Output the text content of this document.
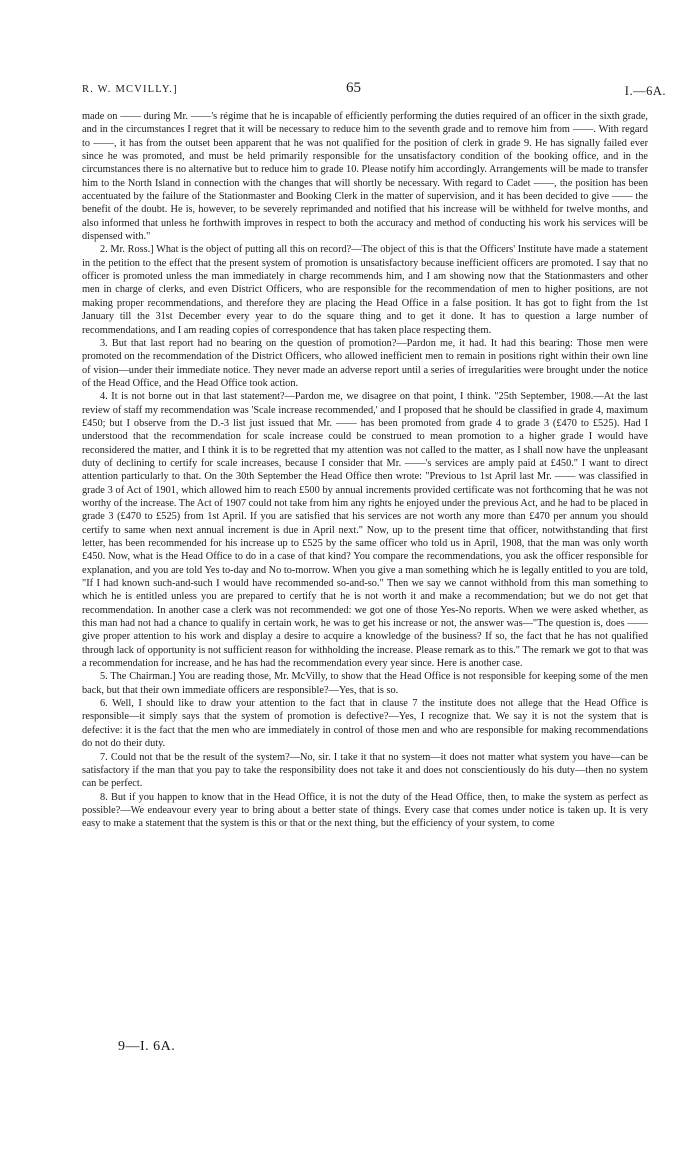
R. W. MCVILLY.]	65	I.—6A.

made on —— during Mr. ——'s régime that he is incapable of efficiently performing the duties required of an officer in the sixth grade, and in the circumstances I regret that it will be necessary to reduce him to the seventh grade and to remove him from ——. With regard to ——, it has from the outset been apparent that he was not qualified for the position of clerk in grade 9. He has signally failed ever since he was promoted, and must be held primarily responsible for the unsatisfactory condition of the booking office, and in the circumstances there is no alternative but to reduce him to grade 10. Please notify him accordingly. Arrangements will be made to transfer him to the North Island in connection with the changes that will shortly be necessary. With regard to Cadet ——, the position has been accentuated by the failure of the Stationmaster and Booking Clerk in the matter of supervision, and it has been decided to give —— the benefit of the doubt. He is, however, to be severely reprimanded and notified that his increase will be withheld for twelve months, and also informed that unless he forthwith improves in respect to both the accuracy and method of conducting his work his services will be dispensed with."

2. Mr. Ross.] What is the object of putting all this on record?—The object of this is that the Officers' Institute have made a statement in the petition to the effect that the present system of promotion is unsatisfactory because inefficient officers are promoted. I say that no officer is promoted unless the man immediately in charge recommends him, and I am showing now that the Stationmasters and other men in charge of clerks, and even District Officers, who are responsible for the recommendation of men to higher positions, are not making proper recommendations, and therefore they are placing the Head Office in a false position. It has got to fight from the 1st January till the 31st December every year to do the square thing and to get it done. It has to question a large number of recommendations, and I am reading copies of correspondence that has taken place respecting them.

3. But that last report had no bearing on the question of promotion?—Pardon me, it had. It had this bearing: Those men were promoted on the recommendation of the District Officers, who allowed inefficient men to remain in positions right within their own line of vision—under their immediate notice. They never made an adverse report until a series of irregularities were brought under the notice of the Head Office, and the Head Office took action.

4. It is not borne out in that last statement?—Pardon me, we disagree on that point, I think. "25th September, 1908.—At the last review of staff my recommendation was 'Scale increase recommended,' and I proposed that he should be classified in grade 4, maximum £450; but I observe from the D.-3 list just issued that Mr. —— has been promoted from grade 4 to grade 3 (£470 to £525). Had I understood that the recommendation for scale increase could be construed to mean promotion to a higher grade I would have reconsidered the matter, and I think it is to be regretted that my attention was not called to the matter, as I shall now have the unpleasant duty of declining to certify for scale increases, because I consider that Mr. ——'s services are amply paid at £450." I want to direct attention particularly to that. On the 30th September the Head Office then wrote: "Previous to 1st April last Mr. —— was classified in grade 3 of Act of 1901, which allowed him to reach £500 by annual increments provided certificate was not forthcoming that he was not worthy of the increase. The Act of 1907 could not take from him any rights he enjoyed under the previous Act, and he had to be placed in grade 3 (£470 to £525) from 1st April. If you are satisfied that his services are not worth any more than £470 per annum you should certify to same when next annual increment is due in April next." Now, up to the present time that officer, notwithstanding that first letter, has been recommended for his increase up to £525 by the same officer who told us in April, 1908, that the man was only worth £450. Now, what is the Head Office to do in a case of that kind? You compare the recommendations, you ask the officer responsible for explanation, and you are told Yes to-day and No to-morrow. When you give a man something which he is legally entitled to you are told, "If I had known such-and-such I would have recommended so-and-so." Then we say we cannot withhold from this man something to which he is entitled unless you are prepared to certify that he is not worth it and make a recommendation; but we do not get that recommendation. In another case a clerk was not recommended: we got one of those Yes-No reports. When we were asked whether, as this man had not had a chance to qualify in certain work, he was to get his increase or not, the answer was—"The question is, does —— give proper attention to his work and display a desire to acquire a knowledge of the business? If so, the fact that he has not qualified through lack of opportunity is not sufficient reason for withholding the increase. Please remark as to this." The remark we got to that was a recommendation for increase, and he has had the recommendation every year since. Here is another case.

5. The Chairman.] You are reading those, Mr. McVilly, to show that the Head Office is not responsible for keeping some of the men back, but that their own immediate officers are responsible?—Yes, that is so.

6. Well, I should like to draw your attention to the fact that in clause 7 the institute does not allege that the Head Office is responsible—it simply says that the system of promotion is defective?—Yes, I recognize that. We say it is not the system that is defective: it is the fact that the men who are immediately in control of those men and who are responsible for making recommendations do not do their duty.

7. Could not that be the result of the system?—No, sir. I take it that no system—it does not matter what system you have—can be satisfactory if the man that you pay to take the responsibility does not take it and does not conscientiously do his duty—then no system can be perfect.

8. But if you happen to know that in the Head Office, it is not the duty of the Head Office, then, to make the system as perfect as possible?—We endeavour every year to bring about a better state of things. Every case that comes under notice is taken up. It is very easy to make a statement that the system is this or that or the next thing, but the efficiency of your system, to come

9—I. 6A.
